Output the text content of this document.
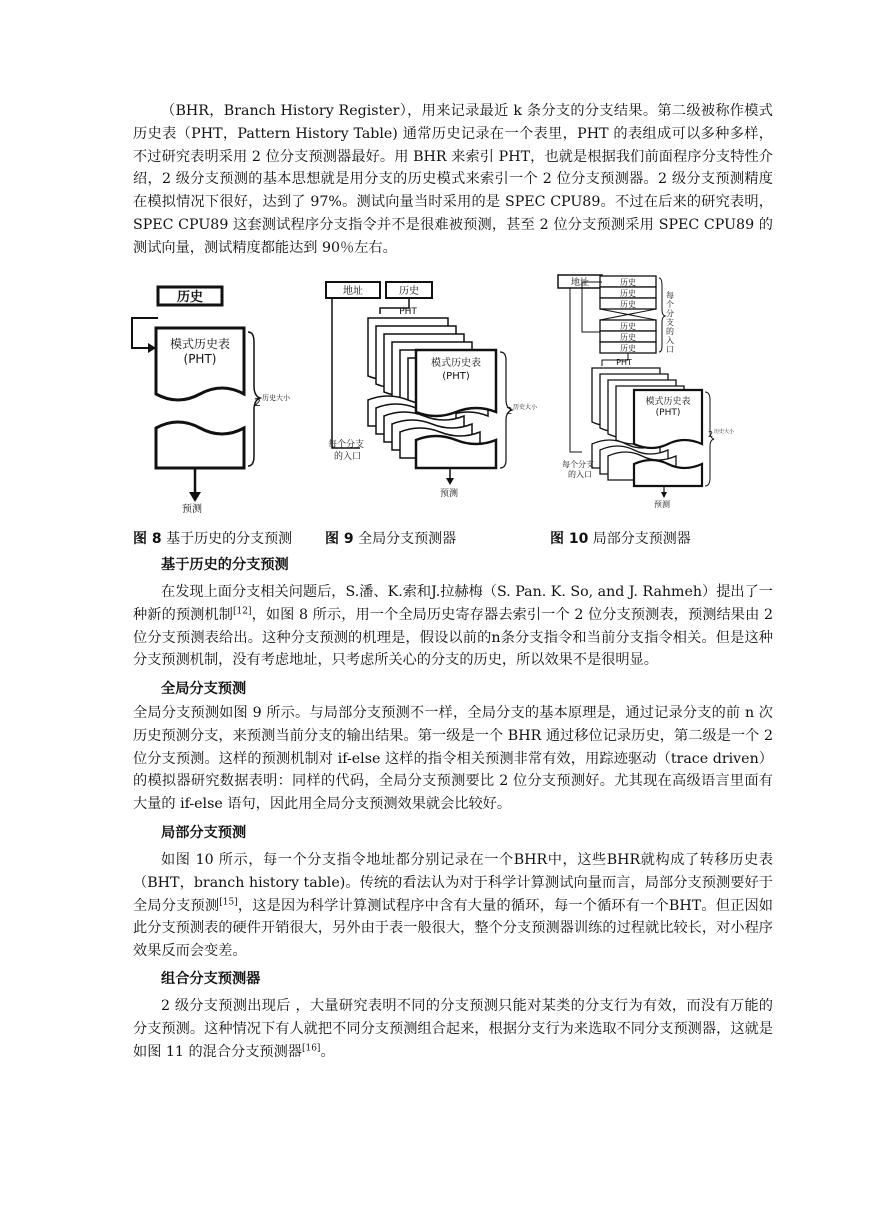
（BHR，Branch History Register），用来记录最近 k 条分支的分支结果。第二级被称作模式历史表（PHT，Pattern History Table) 通常历史记录在一个表里，PHT 的表组成可以多种多样，不过研究表明采用 2 位分支预测器最好。用 BHR 来索引 PHT，也就是根据我们前面程序分支特性介绍，2 级分支预测的基本思想就是用分支的历史模式来索引一个 2 位分支预测器。2 级分支预测精度在模拟情况下很好，达到了 97%。测试向量当时采用的是 SPEC CPU89。不过在后来的研究表明，SPEC CPU89 这套测试程序分支指令并不是很难被预测，甚至 2 位分支预测采用 SPEC CPU89 的测试向量，测试精度都能达到 90％左右。

历史
模式历史表
(PHT)
2 历史大小
预测
地址	历史
PHT
模式历史表
(PHT)
2 历史大小
每个分支
的入口
预测
地址	历史
历史
历史
历史
历史
历史
每
个
分
支
的
入
口
PHT
模式历史表
(PHT)
2 历史大小
每个分支
的入口
预测

图 8 基于历史的分支预测 图 9 全局分支预测器	图 10 局部分支预测器

基于历史的分支预测

在发现上面分支相关问题后，S.潘、K.索和J.拉赫梅（S. Pan. K. So, and J. Rahmeh）提出了一种新的预测机制[12]，如图 8 所示，用一个全局历史寄存器去索引一个 2 位分支预测表，预测结果由 2 位分支预测表给出。这种分支预测的机理是，假设以前的n条分支指令和当前分支指令相关。但是这种分支预测机制，没有考虑地址，只考虑所关心的分支的历史，所以效果不是很明显。

全局分支预测

全局分支预测如图 9 所示。与局部分支预测不一样，全局分支的基本原理是，通过记录分支的前 n 次历史预测分支，来预测当前分支的输出结果。第一级是一个 BHR 通过移位记录历史，第二级是一个 2 位分支预测。这样的预测机制对 if-else 这样的指令相关预测非常有效，用踪迹驱动（trace driven）的模拟器研究数据表明：同样的代码，全局分支预测要比 2 位分支预测好。尤其现在高级语言里面有大量的 if-else 语句，因此用全局分支预测效果就会比较好。

局部分支预测

如图 10 所示，每一个分支指令地址都分别记录在一个BHR中，这些BHR就构成了转移历史表（BHT，branch history table)。传统的看法认为对于科学计算测试向量而言，局部分支预测要好于全局分支预测[15]，这是因为科学计算测试程序中含有大量的循环，每一个循环有一个BHT。但正因如此分支预测表的硬件开销很大，另外由于表一般很大，整个分支预测器训练的过程就比较长，对小程序效果反而会变差。

组合分支预测器

2 级分支预测出现后 ，大量研究表明不同的分支预测只能对某类的分支行为有效，而没有万能的分支预测。这种情况下有人就把不同分支预测组合起来，根据分支行为来选取不同分支预测器，这就是如图 11 的混合分支预测器[16]。
